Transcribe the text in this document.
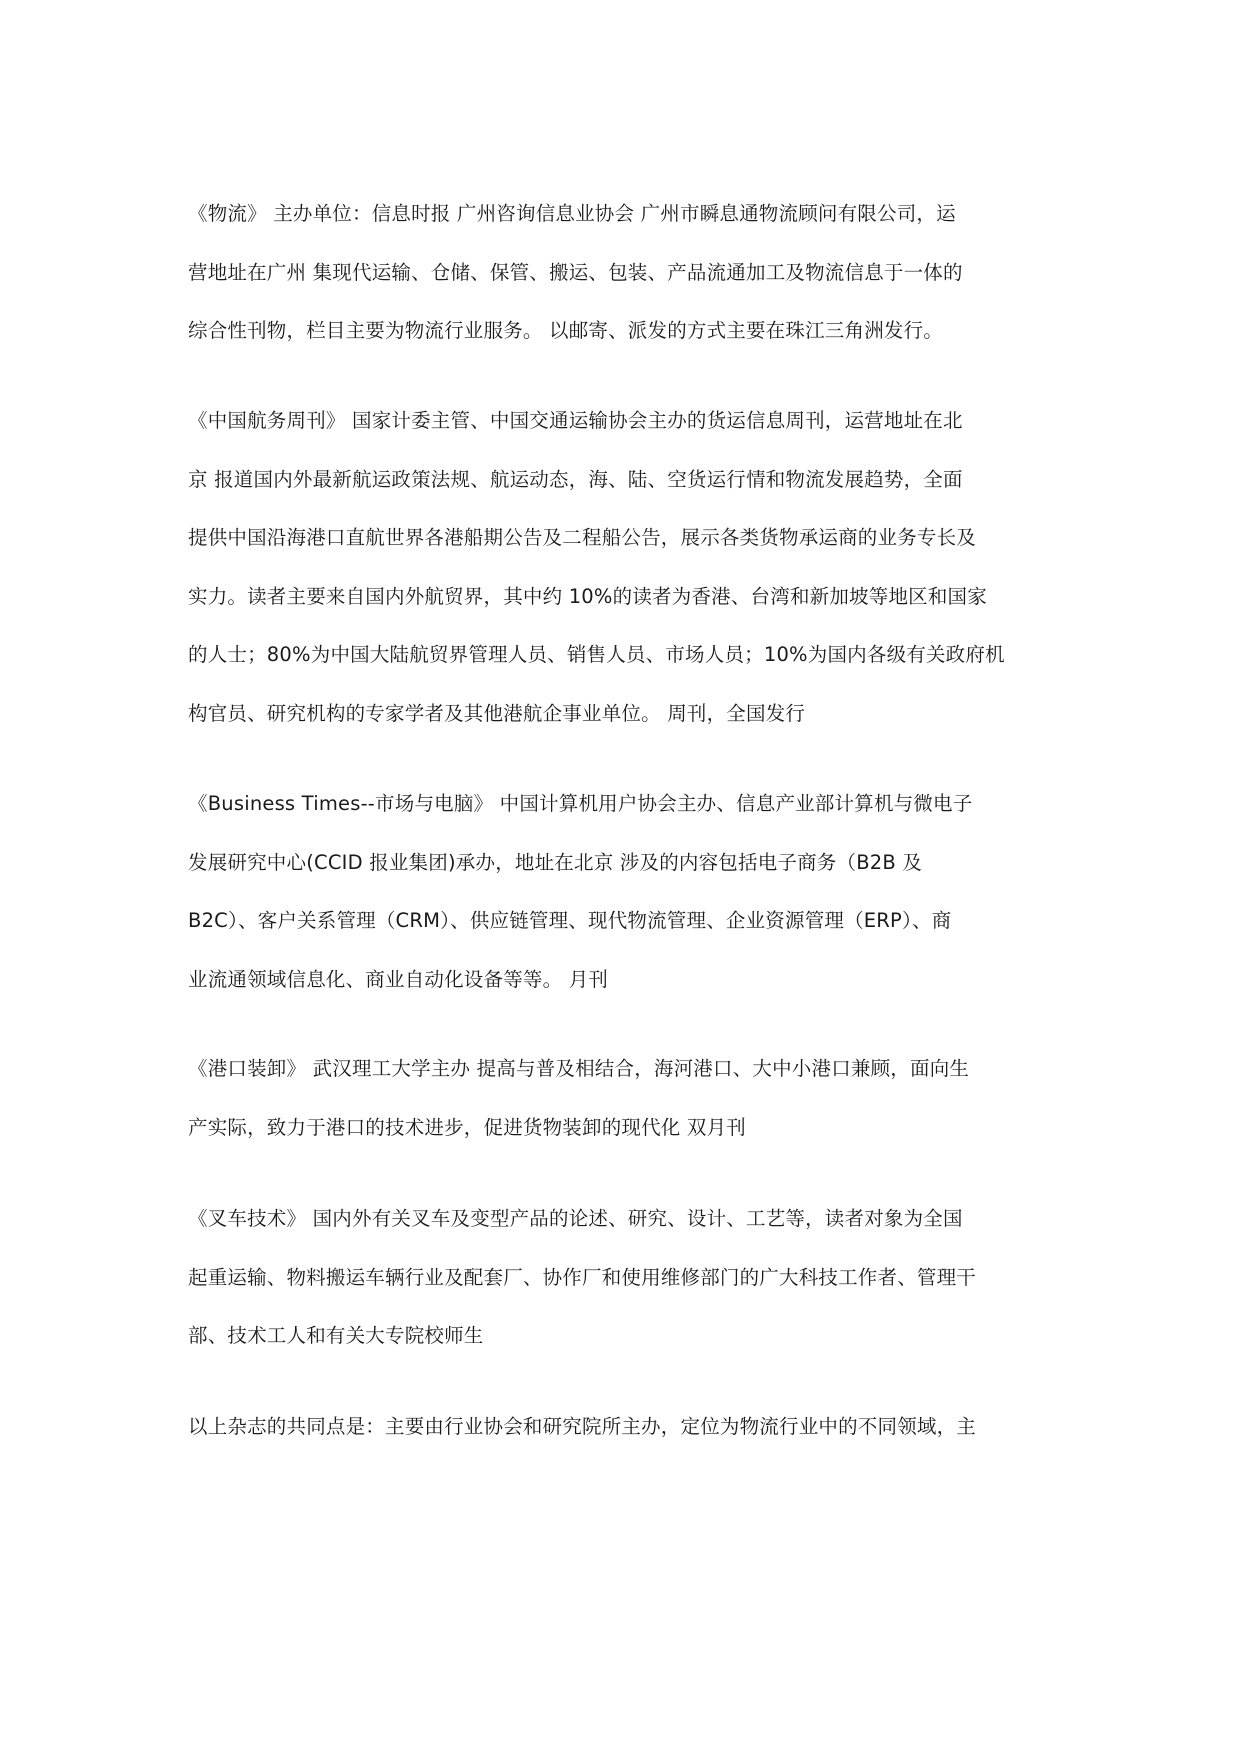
《物流》 主办单位：信息时报 广州咨询信息业协会 广州市瞬息通物流顾问有限公司，运
营地址在广州 集现代运输、仓储、保管、搬运、包装、产品流通加工及物流信息于一体的
综合性刊物，栏目主要为物流行业服务。 以邮寄、派发的方式主要在珠江三角洲发行。
《中国航务周刊》 国家计委主管、中国交通运输协会主办的货运信息周刊，运营地址在北
京 报道国内外最新航运政策法规、航运动态，海、陆、空货运行情和物流发展趋势，全面
提供中国沿海港口直航世界各港船期公告及二程船公告，展示各类货物承运商的业务专长及
实力。读者主要来自国内外航贸界，其中约 10%的读者为香港、台湾和新加坡等地区和国家
的人士；80%为中国大陆航贸界管理人员、销售人员、市场人员；10%为国内各级有关政府机
构官员、研究机构的专家学者及其他港航企事业单位。 周刊，全国发行
《Business Times--市场与电脑》 中国计算机用户协会主办、信息产业部计算机与微电子
发展研究中心(CCID 报业集团)承办，地址在北京 涉及的内容包括电子商务（B2B 及
B2C）、客户关系管理（CRM）、供应链管理、现代物流管理、企业资源管理（ERP）、商
业流通领域信息化、商业自动化设备等等。 月刊
《港口装卸》 武汉理工大学主办 提高与普及相结合，海河港口、大中小港口兼顾，面向生
产实际，致力于港口的技术进步，促进货物装卸的现代化 双月刊
《叉车技术》 国内外有关叉车及变型产品的论述、研究、设计、工艺等，读者对象为全国
起重运输、物料搬运车辆行业及配套厂、协作厂和使用维修部门的广大科技工作者、管理干
部、技术工人和有关大专院校师生
以上杂志的共同点是：主要由行业协会和研究院所主办，定位为物流行业中的不同领域，主
